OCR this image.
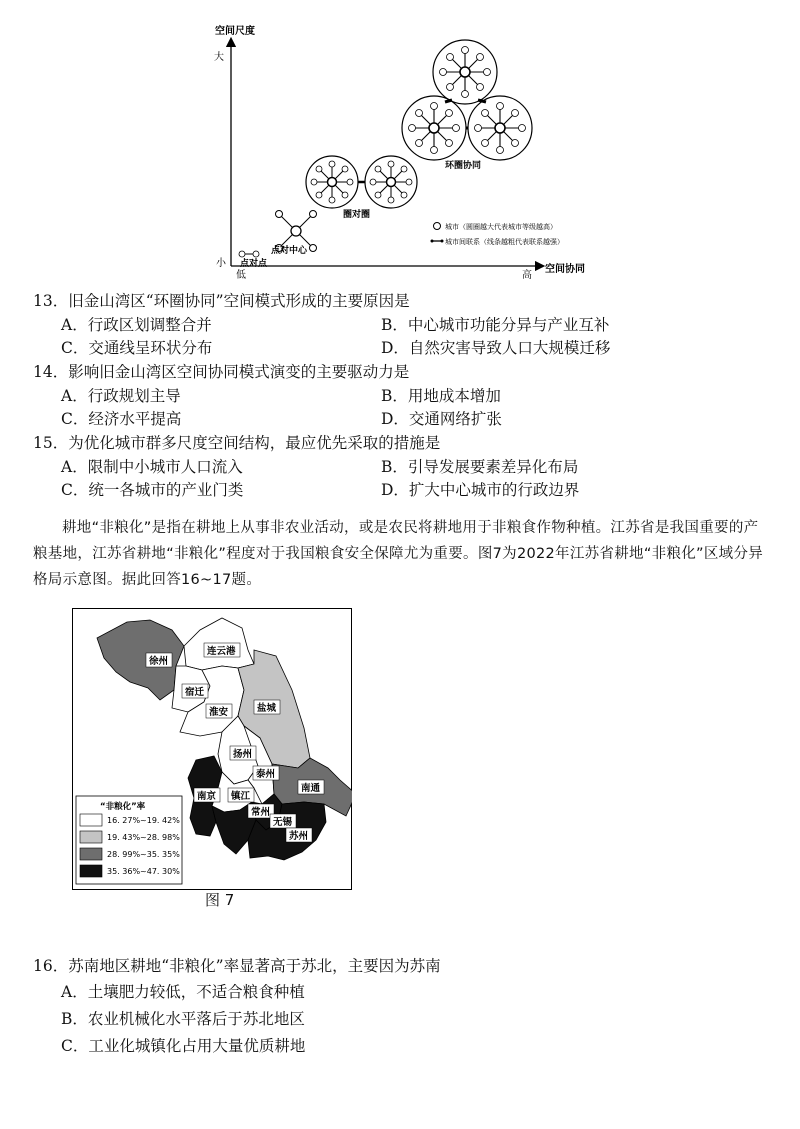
空间尺度
大
小
低	高
空间协同
点对点
点对中心
圈对圈
环圈协同
城市（圆圈越大代表城市等级越高）
城市间联系（线条越粗代表联系越强）
13．旧金山湾区“环圈协同”空间模式形成的主要原因是
A．行政区划调整合并	B．中心城市功能分异与产业互补
C．交通线呈环状分布	D．自然灾害导致人口大规模迁移
14．影响旧金山湾区空间协同模式演变的主要驱动力是
A．行政规划主导	B．用地成本增加
C．经济水平提高	D．交通网络扩张
15．为优化城市群多尺度空间结构，最应优先采取的措施是
A．限制中小城市人口流入	B．引导发展要素差异化布局
C．统一各城市的产业门类	D．扩大中心城市的行政边界
耕地“非粮化”是指在耕地上从事非农业活动，或是农民将耕地用于非粮食作物种植。江苏省是我国重要的产粮基地，江苏省耕地“非粮化”程度对于我国粮食安全保障尤为重要。图7为2022年江苏省耕地“非粮化”区域分异格局示意图。据此回答16~17题。
徐州
连云港
宿迁
淮安	盐城
扬州
泰州
南通
南京 镇江
常州
无锡
苏州
“非粮化”率
16. 27%~19. 42%
19. 43%~28. 98%
28. 99%~35. 35%
35. 36%~47. 30%
图 7
16．苏南地区耕地“非粮化”率显著高于苏北，主要因为苏南
A．土壤肥力较低，不适合粮食种植
B．农业机械化水平落后于苏北地区
C．工业化城镇化占用大量优质耕地
